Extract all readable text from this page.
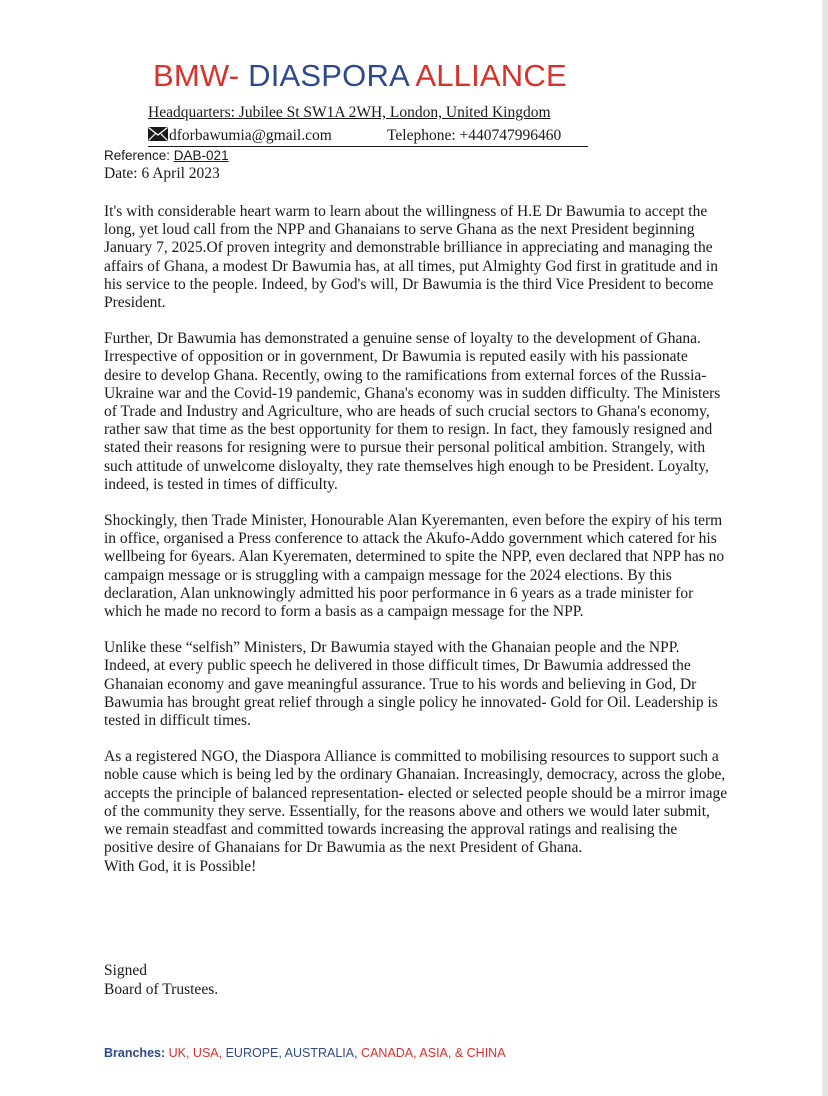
BMW- DIASPORA ALLIANCE
Headquarters: Jubilee St SW1A 2WH, London, United Kingdom
dforbawumia@gmail.com	Telephone: +440747996460
Reference: DAB-021
Date: 6 April 2023

It's with considerable heart warm to learn about the willingness of H.E Dr Bawumia to accept the long, yet loud call from the NPP and Ghanaians to serve Ghana as the next President beginning January 7, 2025.Of proven integrity and demonstrable brilliance in appreciating and managing the affairs of Ghana, a modest Dr Bawumia has, at all times, put Almighty God first in gratitude and in his service to the people. Indeed, by God's will, Dr Bawumia is the third Vice President to become President.

Further, Dr Bawumia has demonstrated a genuine sense of loyalty to the development of Ghana. Irrespective of opposition or in government, Dr Bawumia is reputed easily with his passionate desire to develop Ghana. Recently, owing to the ramifications from external forces of the Russia-Ukraine war and the Covid-19 pandemic, Ghana's economy was in sudden difficulty. The Ministers of Trade and Industry and Agriculture, who are heads of such crucial sectors to Ghana's economy, rather saw that time as the best opportunity for them to resign. In fact, they famously resigned and stated their reasons for resigning were to pursue their personal political ambition. Strangely, with such attitude of unwelcome disloyalty, they rate themselves high enough to be President. Loyalty, indeed, is tested in times of difficulty.

Shockingly, then Trade Minister, Honourable Alan Kyeremanten, even before the expiry of his term in office, organised a Press conference to attack the Akufo-Addo government which catered for his wellbeing for 6years. Alan Kyerematen, determined to spite the NPP, even declared that NPP has no campaign message or is struggling with a campaign message for the 2024 elections. By this declaration, Alan unknowingly admitted his poor performance in 6 years as a trade minister for which he made no record to form a basis as a campaign message for the NPP.

Unlike these “selfish” Ministers, Dr Bawumia stayed with the Ghanaian people and the NPP. Indeed, at every public speech he delivered in those difficult times, Dr Bawumia addressed the Ghanaian economy and gave meaningful assurance. True to his words and believing in God, Dr Bawumia has brought great relief through a single policy he innovated- Gold for Oil. Leadership is tested in difficult times.

As a registered NGO, the Diaspora Alliance is committed to mobilising resources to support such a noble cause which is being led by the ordinary Ghanaian. Increasingly, democracy, across the globe, accepts the principle of balanced representation- elected or selected people should be a mirror image of the community they serve. Essentially, for the reasons above and others we would later submit, we remain steadfast and committed towards increasing the approval ratings and realising the positive desire of Ghanaians for Dr Bawumia as the next President of Ghana.

With God, it is Possible!

Signed
Board of Trustees.
Branches: UK, USA, EUROPE, AUSTRALIA, CANADA, ASIA, & CHINA
